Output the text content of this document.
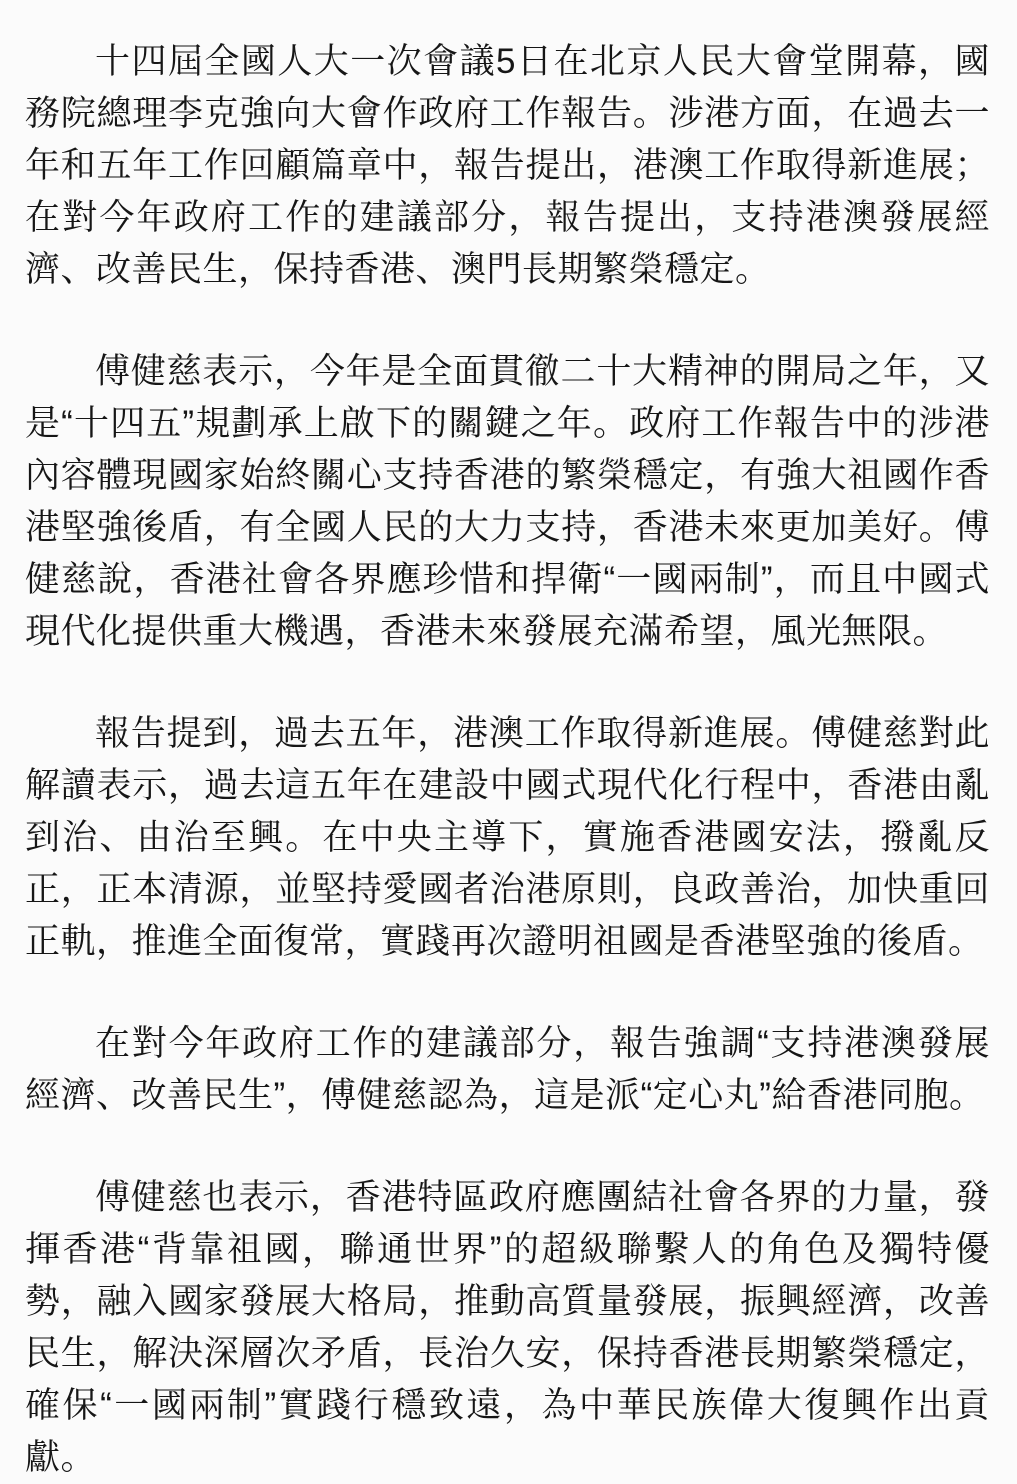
十四屆全國人大一次會議5日在北京人民大會堂開幕，國務院總理李克強向大會作政府工作報告。涉港方面，在過去一年和五年工作回顧篇章中，報告提出，港澳工作取得新進展；在對今年政府工作的建議部分，報告提出，支持港澳發展經濟、改善民生，保持香港、澳門長期繁榮穩定。

傅健慈表示，今年是全面貫徹二十大精神的開局之年，又是“十四五”規劃承上啟下的關鍵之年。政府工作報告中的涉港內容體現國家始終關心支持香港的繁榮穩定，有強大祖國作香港堅強後盾，有全國人民的大力支持，香港未來更加美好。傅健慈說，香港社會各界應珍惜和捍衛“一國兩制”，而且中國式現代化提供重大機遇，香港未來發展充滿希望，風光無限。

報告提到，過去五年，港澳工作取得新進展。傅健慈對此解讀表示，過去這五年在建設中國式現代化行程中，香港由亂到治、由治至興。在中央主導下，實施香港國安法，撥亂反正，正本清源，並堅持愛國者治港原則，良政善治，加快重回正軌，推進全面復常，實踐再次證明祖國是香港堅強的後盾。

在對今年政府工作的建議部分，報告強調“支持港澳發展經濟、改善民生”，傅健慈認為，這是派“定心丸”給香港同胞。

傅健慈也表示，香港特區政府應團結社會各界的力量，發揮香港“背靠祖國，聯通世界”的超級聯繫人的角色及獨特優勢，融入國家發展大格局，推動高質量發展，振興經濟，改善民生，解決深層次矛盾，長治久安，保持香港長期繁榮穩定，確保“一國兩制”實踐行穩致遠，為中華民族偉大復興作出貢獻。
